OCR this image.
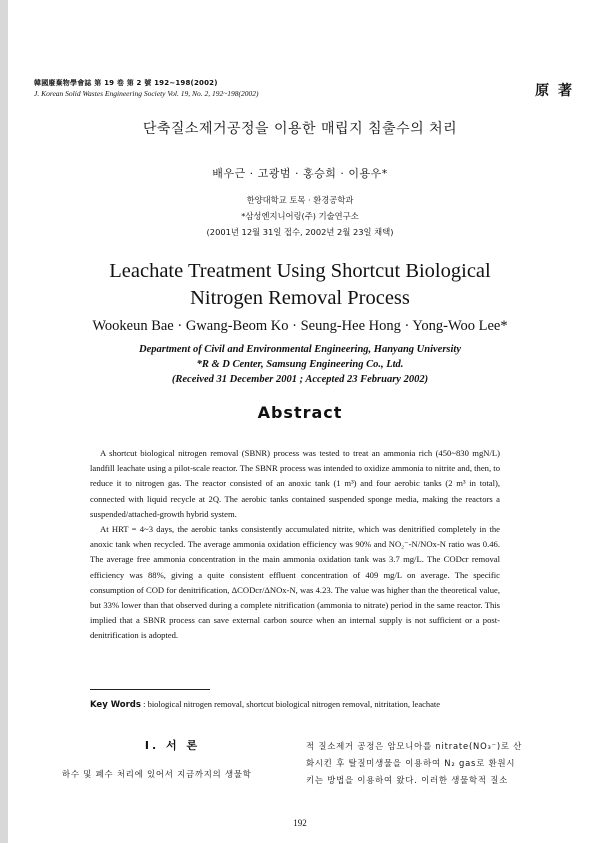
韓國廢棄物學會誌 第 19 卷 第 2 號 192~198(2002)
J. Korean Solid Wastes Engineering Society Vol. 19, No. 2, 192~198(2002)	原 著
단축질소제거공정을 이용한 매립지 침출수의 처리
배우근 · 고광범 · 홍승희 · 이용우*
한양대학교 토목 · 환경공학과
*삼성엔지니어링(주) 기술연구소
(2001년 12월 31일 접수, 2002년 2월 23일 채택)
Leachate Treatment Using Shortcut Biological
Nitrogen Removal Process
Wookeun Bae · Gwang-Beom Ko · Seung-Hee Hong · Yong-Woo Lee*
Department of Civil and Environmental Engineering, Hanyang University
*R & D Center, Samsung Engineering Co., Ltd.
(Received 31 December 2001 ; Accepted 23 February 2002)
Abstract

A shortcut biological nitrogen removal (SBNR) process was tested to treat an ammonia rich (450~830 mgN/L) landfill leachate using a pilot-scale reactor. The SBNR process was intended to oxidize ammonia to nitrite and, then, to reduce it to nitrogen gas. The reactor consisted of an anoxic tank (1 m³) and four aerobic tanks (2 m³ in total), connected with liquid recycle at 2Q. The aerobic tanks contained suspended sponge media, making the reactors a suspended/attached-growth hybrid system.

At HRT = 4~3 days, the aerobic tanks consistently accumulated nitrite, which was denitrified completely in the anoxic tank when recycled. The average ammonia oxidation efficiency was 90% and NO₂⁻-N/NOx-N ratio was 0.46. The average free ammonia concentration in the main ammonia oxidation tank was 3.7 mg/L. The CODcr removal efficiency was 88%, giving a quite consistent effluent concentration of 409 mg/L on average. The specific consumption of COD for denitrification, ΔCODcr/ΔNOx-N, was 4.23. The value was higher than the theoretical value, but 33% lower than that observed during a complete nitrification (ammonia to nitrate) period in the same reactor. This implied that a SBNR process can save external carbon source when an internal supply is not sufficient or a post-denitrification is adopted.

Key Words : biological nitrogen removal, shortcut biological nitrogen removal, nitritation, leachate
I. 서 론
하수 및 폐수 처리에 있어서 지금까지의 생물학
적 질소제거 공정은 암모니아를 nitrate(NO₃⁻)로 산
화시킨 후 탈질미생물을 이용하여 N₂ gas로 환원시
키는 방법을 이용하여 왔다. 이러한 생물학적 질소
192
